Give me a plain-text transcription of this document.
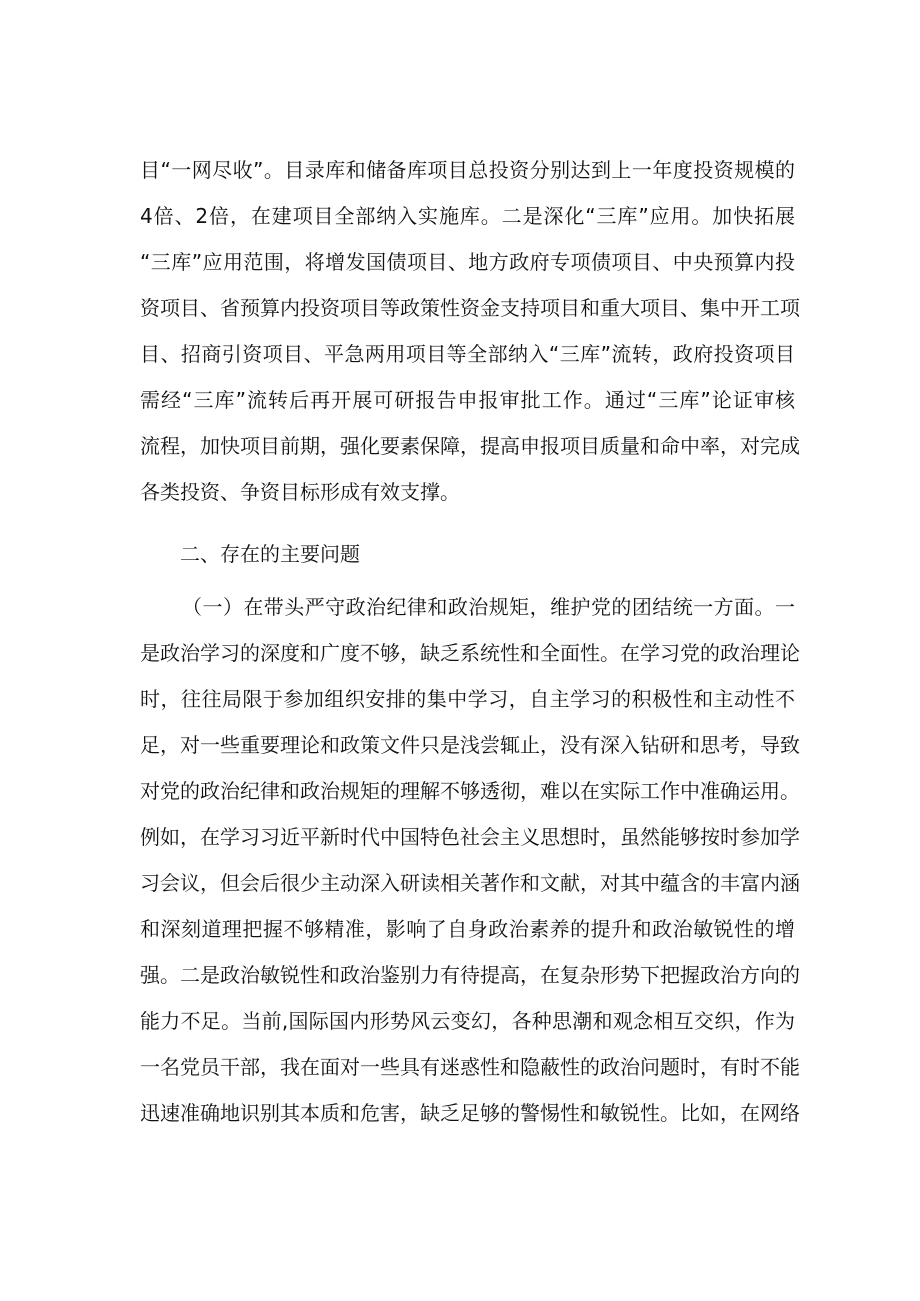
目“一网尽收”。目录库和储备库项目总投资分别达到上一年度投资规模的
4倍、2倍，在建项目全部纳入实施库。二是深化“三库”应用。加快拓展
“三库”应用范围，将增发国债项目、地方政府专项债项目、中央预算内投
资项目、省预算内投资项目等政策性资金支持项目和重大项目、集中开工项
目、招商引资项目、平急两用项目等全部纳入“三库”流转，政府投资项目
需经“三库”流转后再开展可研报告申报审批工作。通过“三库”论证审核
流程，加快项目前期，强化要素保障，提高申报项目质量和命中率，对完成
各类投资、争资目标形成有效支撑。
二、存在的主要问题
（一）在带头严守政治纪律和政治规矩，维护党的团结统一方面。一
是政治学习的深度和广度不够，缺乏系统性和全面性。在学习党的政治理论
时，往往局限于参加组织安排的集中学习，自主学习的积极性和主动性不
足，对一些重要理论和政策文件只是浅尝辄止，没有深入钻研和思考，导致
对党的政治纪律和政治规矩的理解不够透彻，难以在实际工作中准确运用。
例如，在学习习近平新时代中国特色社会主义思想时，虽然能够按时参加学
习会议，但会后很少主动深入研读相关著作和文献，对其中蕴含的丰富内涵
和深刻道理把握不够精准，影响了自身政治素养的提升和政治敏锐性的增
强。二是政治敏锐性和政治鉴别力有待提高，在复杂形势下把握政治方向的
能力不足。当前,国际国内形势风云变幻，各种思潮和观念相互交织，作为
一名党员干部，我在面对一些具有迷惑性和隐蔽性的政治问题时，有时不能
迅速准确地识别其本质和危害，缺乏足够的警惕性和敏锐性。比如，在网络
